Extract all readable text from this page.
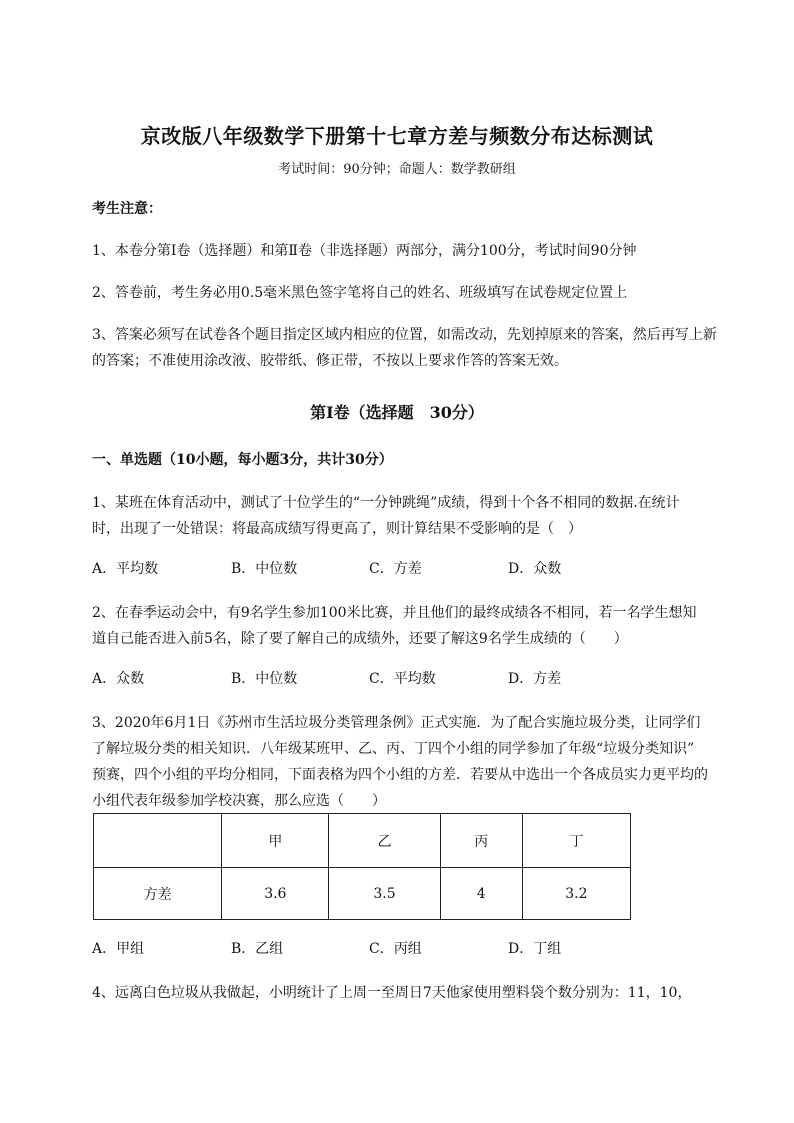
京改版八年级数学下册第十七章方差与频数分布达标测试
考试时间：90分钟；命题人：数学教研组
考生注意：
1、本卷分第Ⅰ卷（选择题）和第Ⅱ卷（非选择题）两部分，满分100分，考试时间90分钟
2、答卷前，考生务必用0.5毫米黑色签字笔将自己的姓名、班级填写在试卷规定位置上
3、答案必须写在试卷各个题目指定区域内相应的位置，如需改动，先划掉原来的答案，然后再写上新
的答案；不准使用涂改液、胶带纸、修正带，不按以上要求作答的答案无效。
第Ⅰ卷（选择题　30分）
一、单选题（10小题，每小题3分，共计30分）
1、某班在体育活动中，测试了十位学生的“一分钟跳绳”成绩，得到十个各不相同的数据.在统计
时，出现了一处错误：将最高成绩写得更高了，则计算结果不受影响的是（　）
A．平均数	B．中位数	C．方差	D．众数
2、在春季运动会中，有9名学生参加100米比赛，并且他们的最终成绩各不相同，若一名学生想知
道自己能否进入前5名，除了要了解自己的成绩外，还要了解这9名学生成绩的（　　）
A．众数	B．中位数	C．平均数	D．方差
3、2020年6月1日《苏州市生活垃圾分类管理条例》正式实施．为了配合实施垃圾分类，让同学们
了解垃圾分类的相关知识．八年级某班甲、乙、丙、丁四个小组的同学参加了年级“垃圾分类知识”
预赛，四个小组的平均分相同，下面表格为四个小组的方差．若要从中选出一个各成员实力更平均的
小组代表年级参加学校决赛，那么应选（　　）
	甲	乙	丙	丁
方差	3.6	3.5	4	3.2
A．甲组	B．乙组	C．丙组	D．丁组
4、远离白色垃圾从我做起，小明统计了上周一至周日7天他家使用塑料袋个数分别为：11，10，
